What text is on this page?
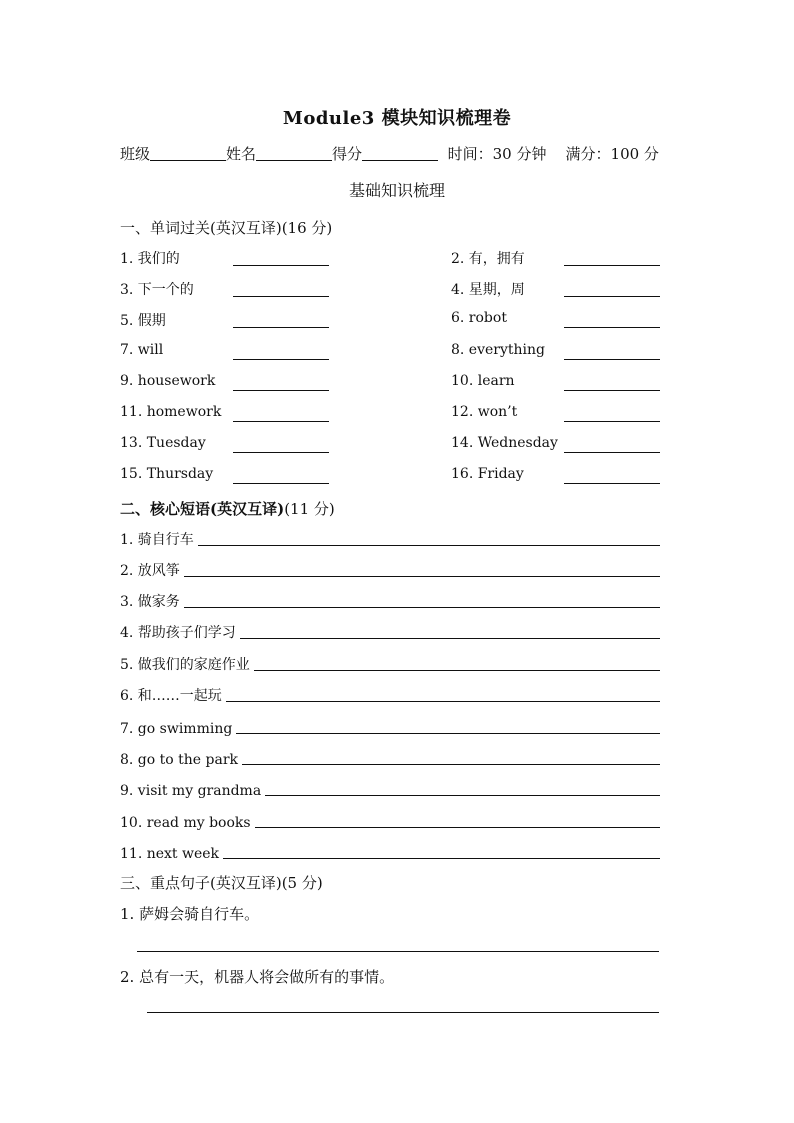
Module3 模块知识梳理卷
班级	姓名	得分	时间：30 分钟 满分：100 分
基础知识梳理
一、单词过关(英汉互译)(16 分)
1. 我们的	2. 有，拥有
3. 下一个的	4. 星期，周
5. 假期	6. robot
7. will	8. everything
9. housework	10. learn
11. homework	12. won’t
13. Tuesday	14. Wednesday
15. Thursday	16. Friday
二、核心短语(英汉互译)(11 分)
1. 骑自行车
2. 放风筝
3. 做家务
4. 帮助孩子们学习
5. 做我们的家庭作业
6. 和……一起玩
7. go swimming
8. go to the park
9. visit my grandma
10. read my books
11. next week
三、重点句子(英汉互译)(5 分)
1. 萨姆会骑自行车。
2. 总有一天，机器人将会做所有的事情。
